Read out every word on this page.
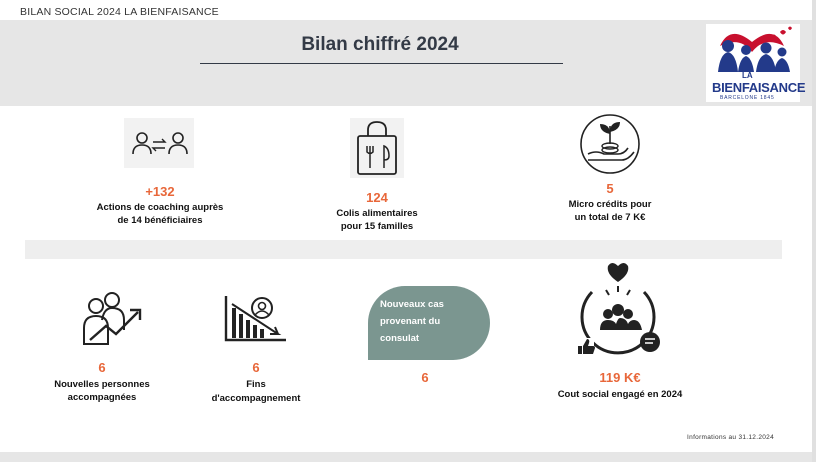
BILAN SOCIAL 2024 LA BIENFAISANCE
Bilan chiffré 2024
LA
BIENFAISANCE
BARCELONE 1845
+132
Actions de coaching auprès
de 14 bénéficiaires
124
Colis alimentaires
pour 15 familles
5
Micro crédits pour
un total de 7 K€
6
Nouvelles personnes
accompagnées
6
Fins
d'accompagnement
Nouveaux cas provenant du consulat
6	119 K€
Cout social engagé en 2024
Informations au 31.12.2024
